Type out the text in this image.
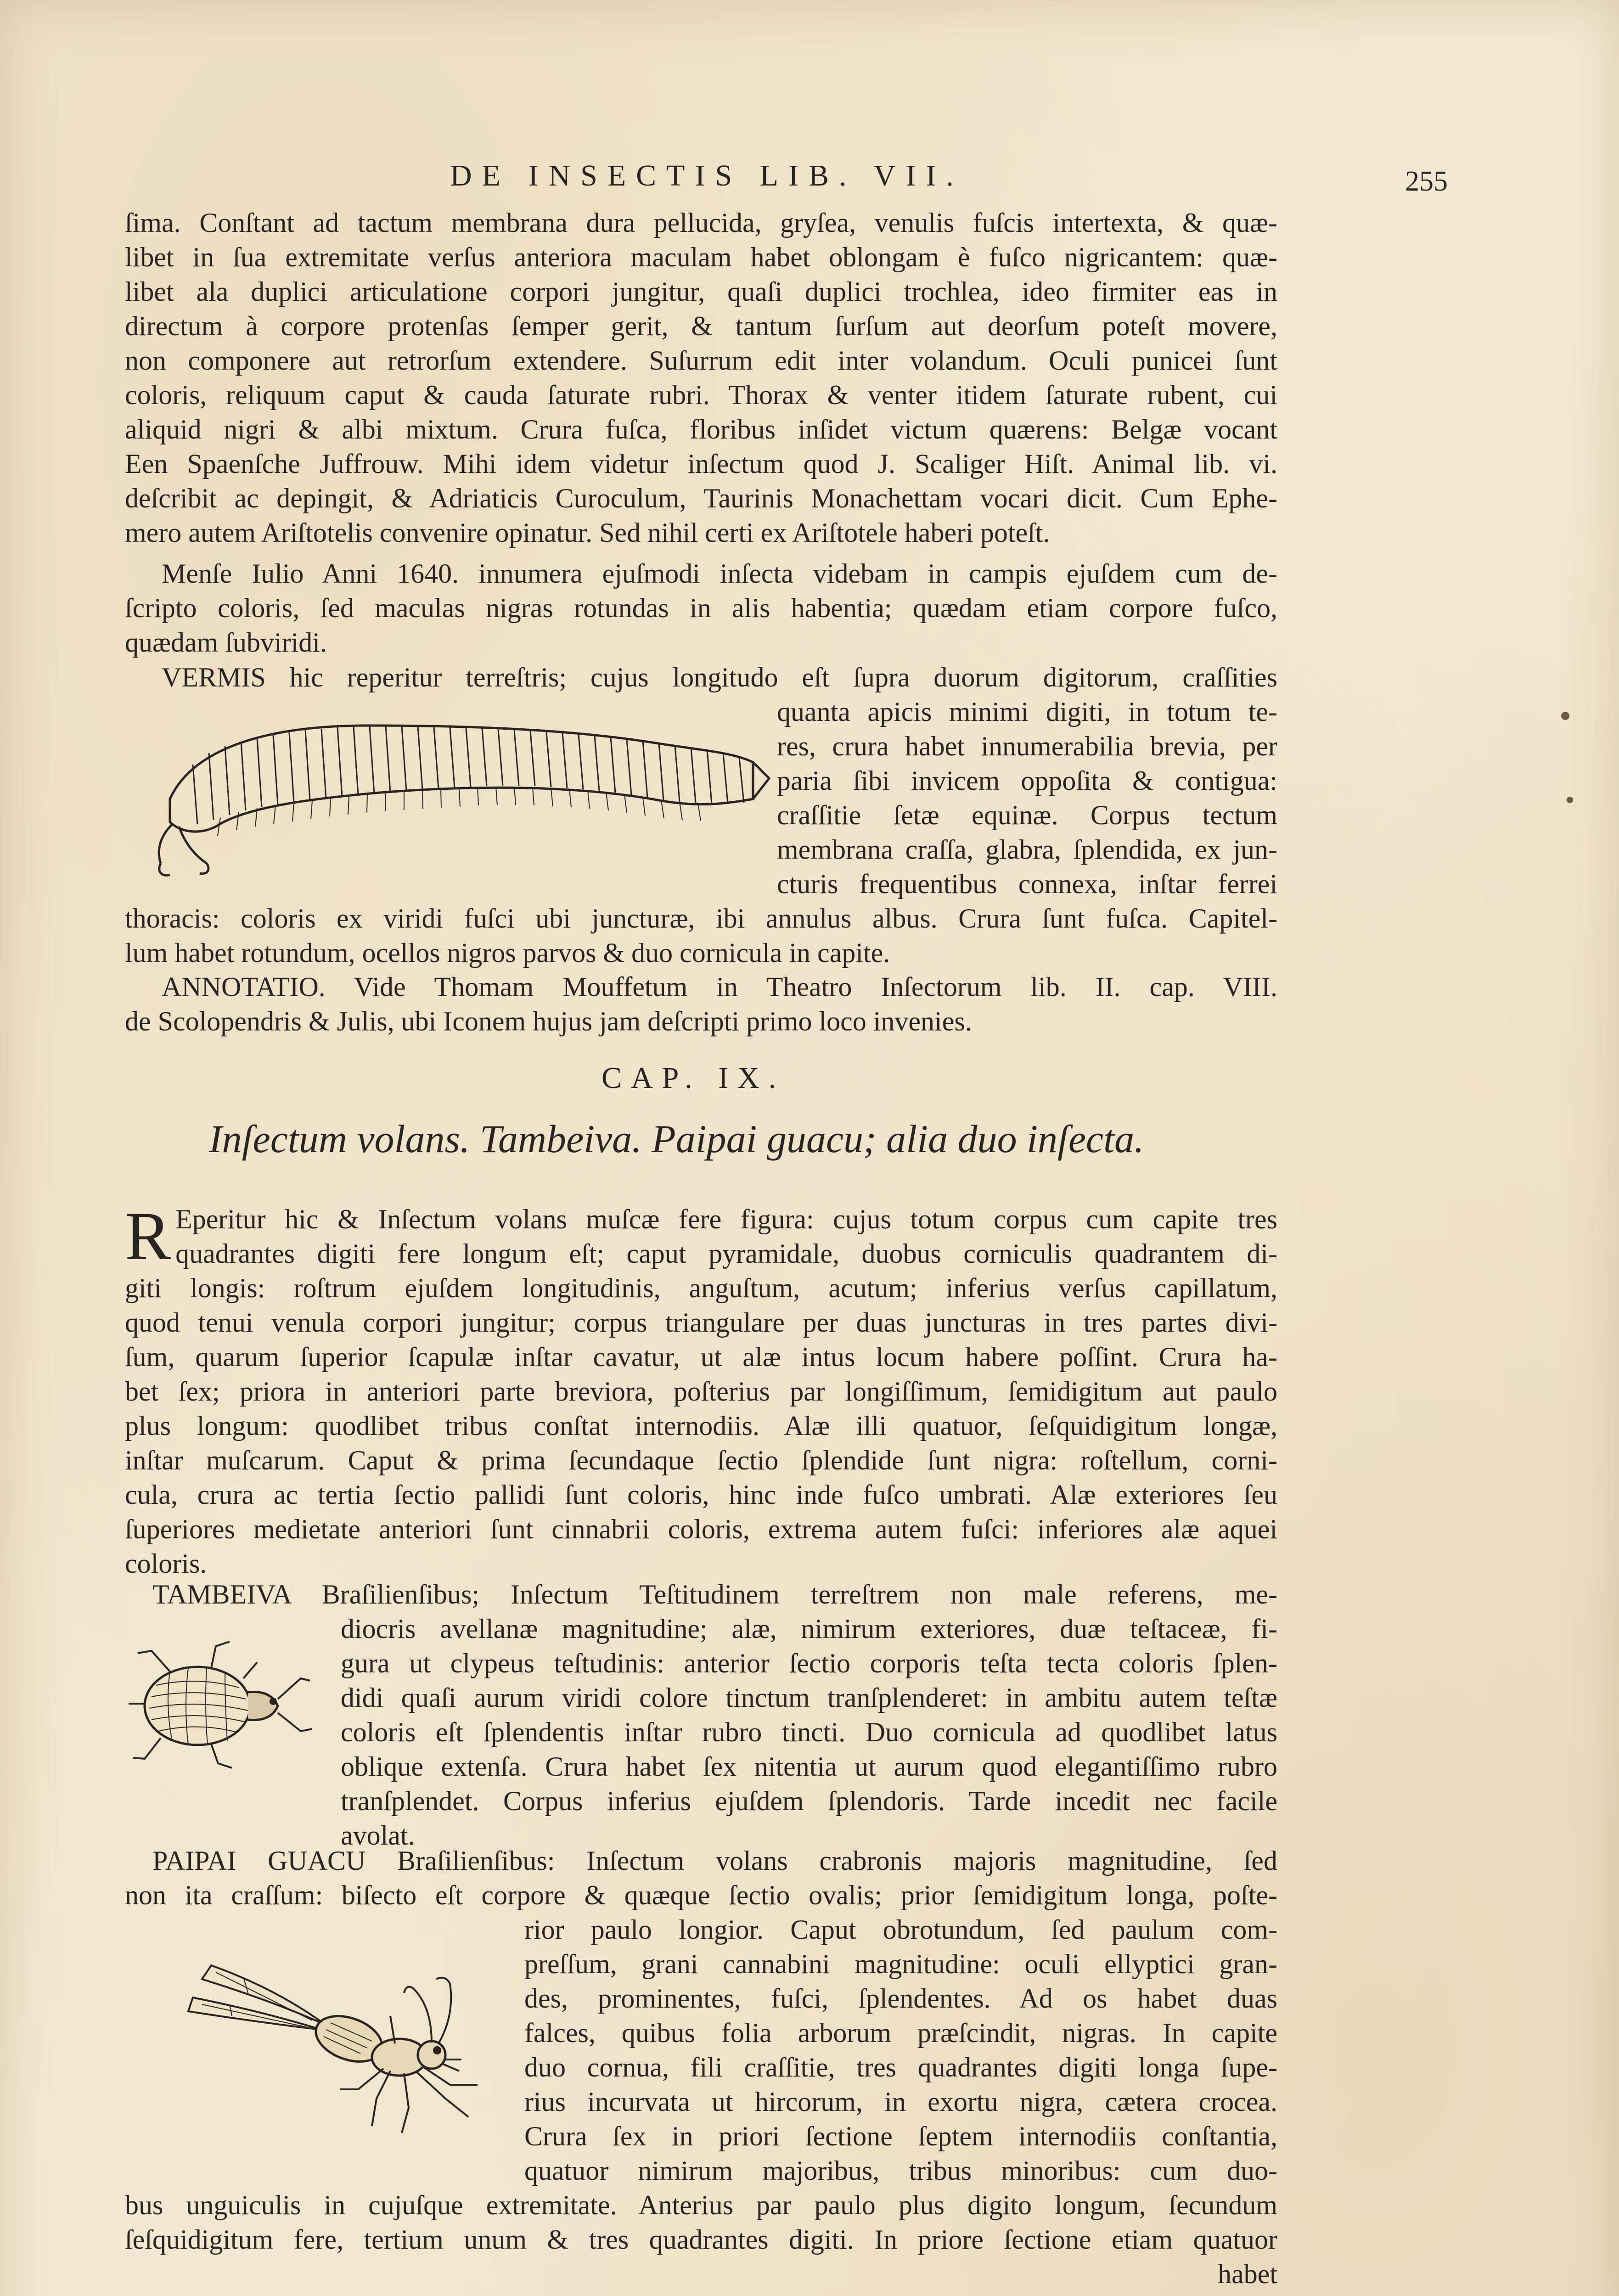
DE INSECTIS LIB. VII.	255
ſima. Conſtant ad tactum membrana dura pellucida, gryſea, venulis fuſcis intertexta, & quæ-
libet in ſua extremitate verſus anteriora maculam habet oblongam è fuſco nigricantem: quæ-
libet ala duplici articulatione corpori jungitur, quaſi duplici trochlea, ideo firmiter eas in
directum à corpore protenſas ſemper gerit, & tantum ſurſum aut deorſum poteſt movere,
non componere aut retrorſum extendere. Suſurrum edit inter volandum. Oculi punicei ſunt
coloris, reliquum caput & cauda ſaturate rubri. Thorax & venter itidem ſaturate rubent, cui
aliquid nigri & albi mixtum. Crura fuſca, floribus inſidet victum quærens: Belgæ vocant
Een Spaenſche Juffrouw. Mihi idem videtur inſectum quod J. Scaliger Hiſt. Animal lib. vi.
deſcribit ac depingit, & Adriaticis Curoculum, Taurinis Monachettam vocari dicit. Cum Ephe-
mero autem Ariſtotelis convenire opinatur. Sed nihil certi ex Ariſtotele haberi poteſt.
Menſe Iulio Anni 1640. innumera ejuſmodi inſecta videbam in campis ejuſdem cum de-
ſcripto coloris, ſed maculas nigras rotundas in alis habentia; quædam etiam corpore fuſco,
quædam ſubviridi.
VERMIS hic reperitur terreſtris; cujus longitudo eſt ſupra duorum digitorum, craſſities
quanta apicis minimi digiti, in totum te-
res, crura habet innumerabilia brevia, per
paria ſibi invicem oppoſita & contigua:
craſſitie ſetæ equinæ. Corpus tectum
membrana craſſa, glabra, ſplendida, ex jun-
cturis frequentibus connexa, inſtar ferrei
thoracis: coloris ex viridi fuſci ubi juncturæ, ibi annulus albus. Crura ſunt fuſca. Capitel-
lum habet rotundum, ocellos nigros parvos & duo cornicula in capite.
ANNOTATIO. Vide Thomam Mouffetum in Theatro Inſectorum lib. II. cap. VIII.
de Scolopendris & Julis, ubi Iconem hujus jam deſcripti primo loco invenies.
CAP. IX.
Inſectum volans. Tambeiva. Paipai guacu; alia duo inſecta.
R Eperitur hic & Inſectum volans muſcæ fere figura: cujus totum corpus cum capite tres
quadrantes digiti fere longum eſt; caput pyramidale, duobus corniculis quadrantem di-
giti longis: roſtrum ejuſdem longitudinis, anguſtum, acutum; inferius verſus capillatum,
quod tenui venula corpori jungitur; corpus triangulare per duas juncturas in tres partes divi-
ſum, quarum ſuperior ſcapulæ inſtar cavatur, ut alæ intus locum habere poſſint. Crura ha-
bet ſex; priora in anteriori parte breviora, poſterius par longiſſimum, ſemidigitum aut paulo
plus longum: quodlibet tribus conſtat internodiis. Alæ illi quatuor, ſeſquidigitum longæ,
inſtar muſcarum. Caput & prima ſecundaque ſectio ſplendide ſunt nigra: roſtellum, corni-
cula, crura ac tertia ſectio pallidi ſunt coloris, hinc inde fuſco umbrati. Alæ exteriores ſeu
ſuperiores medietate anteriori ſunt cinnabrii coloris, extrema autem fuſci: inferiores alæ aquei
coloris.
TAMBEIVA Braſilienſibus; Inſectum Teſtitudinem terreſtrem non male referens, me-
diocris avellanæ magnitudine; alæ, nimirum exteriores, duæ teſtaceæ, fi-
gura ut clypeus teſtudinis: anterior ſectio corporis teſta tecta coloris ſplen-
didi quaſi aurum viridi colore tinctum tranſplenderet: in ambitu autem teſtæ
coloris eſt ſplendentis inſtar rubro tincti. Duo cornicula ad quodlibet latus
oblique extenſa. Crura habet ſex nitentia ut aurum quod elegantiſſimo rubro
tranſplendet. Corpus inferius ejuſdem ſplendoris. Tarde incedit nec facile
avolat.
PAIPAI GUACU Braſilienſibus: Inſectum volans crabronis majoris magnitudine, ſed
non ita craſſum: biſecto eſt corpore & quæque ſectio ovalis; prior ſemidigitum longa, poſte-
rior paulo longior. Caput obrotundum, ſed paulum com-
preſſum, grani cannabini magnitudine: oculi ellyptici gran-
des, prominentes, fuſci, ſplendentes. Ad os habet duas
falces, quibus folia arborum præſcindit, nigras. In capite
duo cornua, fili craſſitie, tres quadrantes digiti longa ſupe-
rius incurvata ut hircorum, in exortu nigra, cætera crocea.
Crura ſex in priori ſectione ſeptem internodiis conſtantia,
quatuor nimirum majoribus, tribus minoribus: cum duo-
bus unguiculis in cujuſque extremitate. Anterius par paulo plus digito longum, ſecundum
ſeſquidigitum fere, tertium unum & tres quadrantes digiti. In priore ſectione etiam quatuor
habet
